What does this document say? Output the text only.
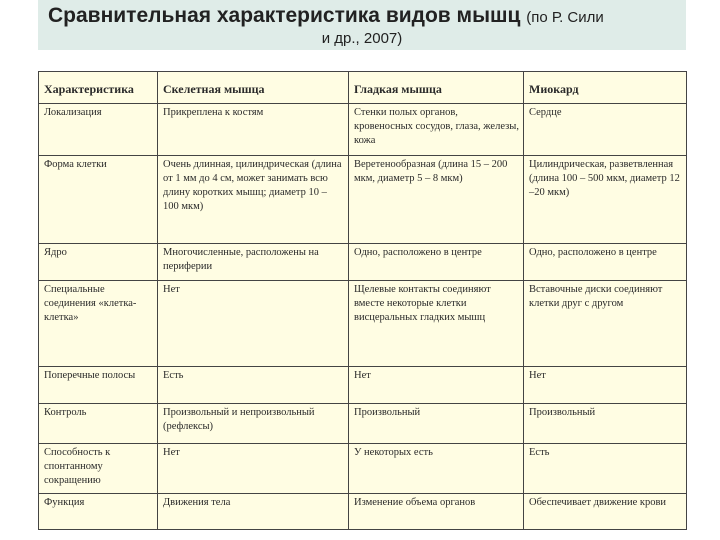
Сравнительная характеристика видов мышц (по Р. Сили
и др., 2007)
Характеристика	Скелетная мышца	Гладкая мышца	Миокард
Локализация	Прикреплена к костям	Стенки полых органов, кровеносных сосудов, глаза, железы, кожа	Сердце
Форма клетки	Очень длинная, цилиндрическая (длина от 1 мм до 4 см, может занимать всю длину коротких мышц; диаметр 10 – 100 мкм)	Веретенообразная (длина 15 – 200 мкм, диаметр 5 – 8 мкм)	Цилиндрическая, разветвленная (длина 100 – 500 мкм, диаметр 12 –20 мкм)
Ядро	Многочисленные, расположены на периферии	Одно, расположено в центре	Одно, расположено в центре
Специальные соединения «клетка-клетка»	Нет	Щелевые контакты соединяют вместе некоторые клетки висцеральных гладких мышц	Вставочные диски соединяют клетки друг с другом
Поперечные полосы	Есть	Нет	Нет
Контроль	Произвольный и непроизвольный (рефлексы)	Произвольный	Произвольный
Способность к спонтанному сокращению	Нет	У некоторых есть	Есть
Функция	Движения тела	Изменение объема органов	Обеспечивает движение крови
